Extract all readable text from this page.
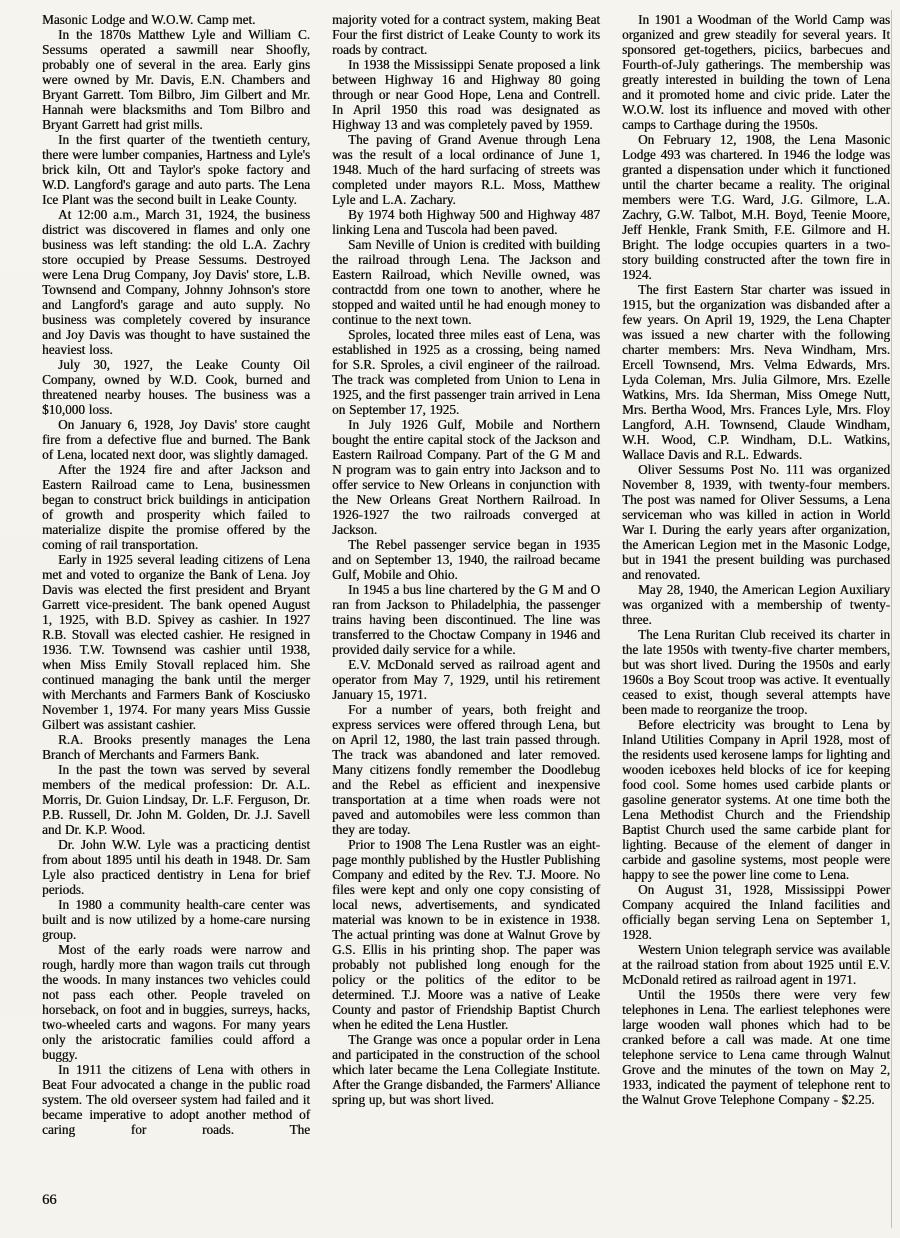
Masonic Lodge and W.O.W. Camp met.

In the 1870s Matthew Lyle and William C. Sessums operated a sawmill near Shoofly, probably one of several in the area. Early gins were owned by Mr. Davis, E.N. Chambers and Bryant Garrett. Tom Bilbro, Jim Gilbert and Mr. Hannah were blacksmiths and Tom Bilbro and Bryant Garrett had grist mills.

In the first quarter of the twentieth century, there were lumber companies, Hartness and Lyle's brick kiln, Ott and Taylor's spoke factory and W.D. Langford's garage and auto parts. The Lena Ice Plant was the second built in Leake County.

At 12:00 a.m., March 31, 1924, the business district was discovered in flames and only one business was left standing: the old L.A. Zachry store occupied by Prease Sessums. Destroyed were Lena Drug Company, Joy Davis' store, L.B. Townsend and Company, Johnny Johnson's store and Langford's garage and auto supply. No business was completely covered by insurance and Joy Davis was thought to have sustained the heaviest loss.

July 30, 1927, the Leake County Oil Company, owned by W.D. Cook, burned and threatened nearby houses. The business was a $10,000 loss.

On January 6, 1928, Joy Davis' store caught fire from a defective flue and burned. The Bank of Lena, located next door, was slightly damaged.

After the 1924 fire and after Jackson and Eastern Railroad came to Lena, businessmen began to construct brick buildings in anticipation of growth and prosperity which failed to materialize dispite the promise offered by the coming of rail transportation.

Early in 1925 several leading citizens of Lena met and voted to organize the Bank of Lena. Joy Davis was elected the first president and Bryant Garrett vice-president. The bank opened August 1, 1925, with B.D. Spivey as cashier. In 1927 R.B. Stovall was elected cashier. He resigned in 1936. T.W. Townsend was cashier until 1938, when Miss Emily Stovall replaced him. She continued managing the bank until the merger with Merchants and Farmers Bank of Kosciusko November 1, 1974. For many years Miss Gussie Gilbert was assistant cashier.

R.A. Brooks presently manages the Lena Branch of Merchants and Farmers Bank.

In the past the town was served by several members of the medical profession: Dr. A.L. Morris, Dr. Guion Lindsay, Dr. L.F. Ferguson, Dr. P.B. Russell, Dr. John M. Golden, Dr. J.J. Savell and Dr. K.P. Wood.

Dr. John W.W. Lyle was a practicing dentist from about 1895 until his death in 1948. Dr. Sam Lyle also practiced dentistry in Lena for brief periods.

In 1980 a community health-care center was built and is now utilized by a home-care nursing group.

Most of the early roads were narrow and rough, hardly more than wagon trails cut through the woods. In many instances two vehicles could not pass each other. People traveled on horseback, on foot and in buggies, surreys, hacks, two-wheeled carts and wagons. For many years only the aristocratic families could afford a buggy.

In 1911 the citizens of Lena with others in Beat Four advocated a change in the public road system. The old overseer system had failed and it became imperative to adopt another method of caring for roads. The

majority voted for a contract system, making Beat Four the first district of Leake County to work its roads by contract.

In 1938 the Mississippi Senate proposed a link between Highway 16 and Highway 80 going through or near Good Hope, Lena and Contrell. In April 1950 this road was designated as Highway 13 and was completely paved by 1959.

The paving of Grand Avenue through Lena was the result of a local ordinance of June 1, 1948. Much of the hard surfacing of streets was completed under mayors R.L. Moss, Matthew Lyle and L.A. Zachary.

By 1974 both Highway 500 and Highway 487 linking Lena and Tuscola had been paved.

Sam Neville of Union is credited with building the railroad through Lena. The Jackson and Eastern Railroad, which Neville owned, was contractdd from one town to another, where he stopped and waited until he had enough money to continue to the next town.

Sproles, located three miles east of Lena, was established in 1925 as a crossing, being named for S.R. Sproles, a civil engineer of the railroad. The track was completed from Union to Lena in 1925, and the first passenger train arrived in Lena on September 17, 1925.

In July 1926 Gulf, Mobile and Northern bought the entire capital stock of the Jackson and Eastern Railroad Company. Part of the G M and N program was to gain entry into Jackson and to offer service to New Orleans in conjunction with the New Orleans Great Northern Railroad. In 1926-1927 the two railroads converged at Jackson.

The Rebel passenger service began in 1935 and on September 13, 1940, the railroad became Gulf, Mobile and Ohio.

In 1945 a bus line chartered by the G M and O ran from Jackson to Philadelphia, the passenger trains having been discontinued. The line was transferred to the Choctaw Company in 1946 and provided daily service for a while.

E.V. McDonald served as railroad agent and operator from May 7, 1929, until his retirement January 15, 1971.

For a number of years, both freight and express services were offered through Lena, but on April 12, 1980, the last train passed through. The track was abandoned and later removed. Many citizens fondly remember the Doodlebug and the Rebel as efficient and inexpensive transportation at a time when roads were not paved and automobiles were less common than they are today.

Prior to 1908 The Lena Rustler was an eight-page monthly published by the Hustler Publishing Company and edited by the Rev. T.J. Moore. No files were kept and only one copy consisting of local news, advertisements, and syndicated material was known to be in existence in 1938. The actual printing was done at Walnut Grove by G.S. Ellis in his printing shop. The paper was probably not published long enough for the policy or the politics of the editor to be determined. T.J. Moore was a native of Leake County and pastor of Friendship Baptist Church when he edited the Lena Hustler.

The Grange was once a popular order in Lena and participated in the construction of the school which later became the Lena Collegiate Institute. After the Grange disbanded, the Farmers' Alliance spring up, but was short lived.

In 1901 a Woodman of the World Camp was organized and grew steadily for several years. It sponsored get-togethers, piciics, barbecues and Fourth-of-July gatherings. The membership was greatly interested in building the town of Lena and it promoted home and civic pride. Later the W.O.W. lost its influence and moved with other camps to Carthage during the 1950s.

On February 12, 1908, the Lena Masonic Lodge 493 was chartered. In 1946 the lodge was granted a dispensation under which it functioned until the charter became a reality. The original members were T.G. Ward, J.G. Gilmore, L.A. Zachry, G.W. Talbot, M.H. Boyd, Teenie Moore, Jeff Henkle, Frank Smith, F.E. Gilmore and H. Bright. The lodge occupies quarters in a two-story building constructed after the town fire in 1924.

The first Eastern Star charter was issued in 1915, but the organization was disbanded after a few years. On April 19, 1929, the Lena Chapter was issued a new charter with the following charter members: Mrs. Neva Windham, Mrs. Ercell Townsend, Mrs. Velma Edwards, Mrs. Lyda Coleman, Mrs. Julia Gilmore, Mrs. Ezelle Watkins, Mrs. Ida Sherman, Miss Omege Nutt, Mrs. Bertha Wood, Mrs. Frances Lyle, Mrs. Floy Langford, A.H. Townsend, Claude Windham, W.H. Wood, C.P. Windham, D.L. Watkins, Wallace Davis and R.L. Edwards.

Oliver Sessums Post No. 111 was organized November 8, 1939, with twenty-four members. The post was named for Oliver Sessums, a Lena serviceman who was killed in action in World War I. During the early years after organization, the American Legion met in the Masonic Lodge, but in 1941 the present building was purchased and renovated.

May 28, 1940, the American Legion Auxiliary was organized with a membership of twenty-three.

The Lena Ruritan Club received its charter in the late 1950s with twenty-five charter members, but was short lived. During the 1950s and early 1960s a Boy Scout troop was active. It eventually ceased to exist, though several attempts have been made to reorganize the troop.

Before electricity was brought to Lena by Inland Utilities Company in April 1928, most of the residents used kerosene lamps for lighting and wooden iceboxes held blocks of ice for keeping food cool. Some homes used carbide plants or gasoline generator systems. At one time both the Lena Methodist Church and the Friendship Baptist Church used the same carbide plant for lighting. Because of the element of danger in carbide and gasoline systems, most people were happy to see the power line come to Lena.

On August 31, 1928, Mississippi Power Company acquired the Inland facilities and officially began serving Lena on September 1, 1928.

Western Union telegraph service was available at the railroad station from about 1925 until E.V. McDonald retired as railroad agent in 1971.

Until the 1950s there were very few telephones in Lena. The earliest telephones were large wooden wall phones which had to be cranked before a call was made. At one time telephone service to Lena came through Walnut Grove and the minutes of the town on May 2, 1933, indicated the payment of telephone rent to the Walnut Grove Telephone Company - $2.25.

66
